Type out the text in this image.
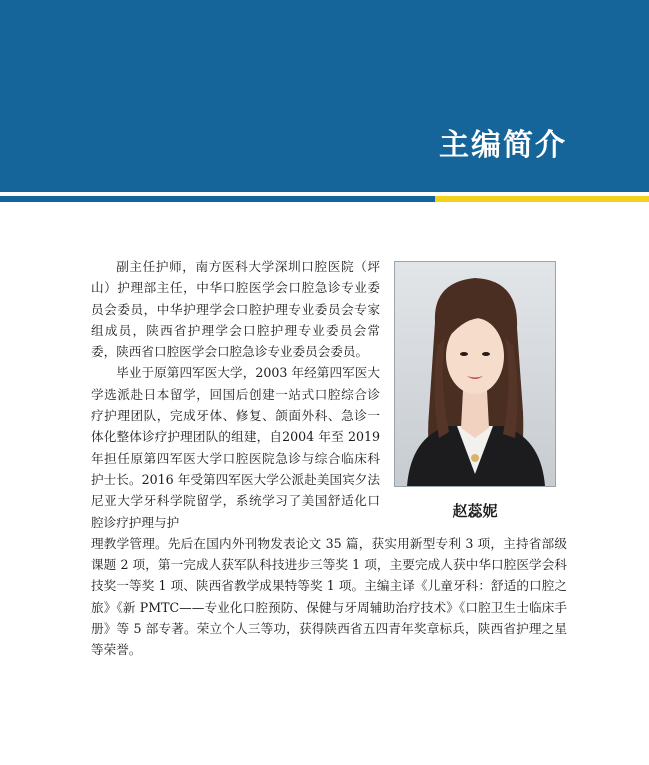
主编简介
赵蕊妮

副主任护师，南方医科大学深圳口腔医院（坪山）护理部主任，中华口腔医学会口腔急诊专业委员会委员，中华护理学会口腔护理专业委员会专家组成员，陕西省护理学会口腔护理专业委员会常委，陕西省口腔医学会口腔急诊专业委员会委员。

毕业于原第四军医大学，2003 年经第四军医大学选派赴日本留学，回国后创建一站式口腔综合诊疗护理团队，完成牙体、修复、颌面外科、急诊一体化整体诊疗护理团队的组建，自2004 年至 2019 年担任原第四军医大学口腔医院急诊与综合临床科护士长。2016 年受第四军医大学公派赴美国宾夕法尼亚大学牙科学院留学，系统学习了美国舒适化口腔诊疗护理与护

理教学管理。先后在国内外刊物发表论文 35 篇，获实用新型专利 3 项，主持省部级课题 2 项，第一完成人获军队科技进步三等奖 1 项，主要完成人获中华口腔医学会科技奖一等奖 1 项、陕西省教学成果特等奖 1 项。主编主译《儿童牙科：舒适的口腔之旅》《新 PMTC——专业化口腔预防、保健与牙周辅助治疗技术》《口腔卫生士临床手册》等 5 部专著。荣立个人三等功，获得陕西省五四青年奖章标兵，陕西省护理之星等荣誉。
